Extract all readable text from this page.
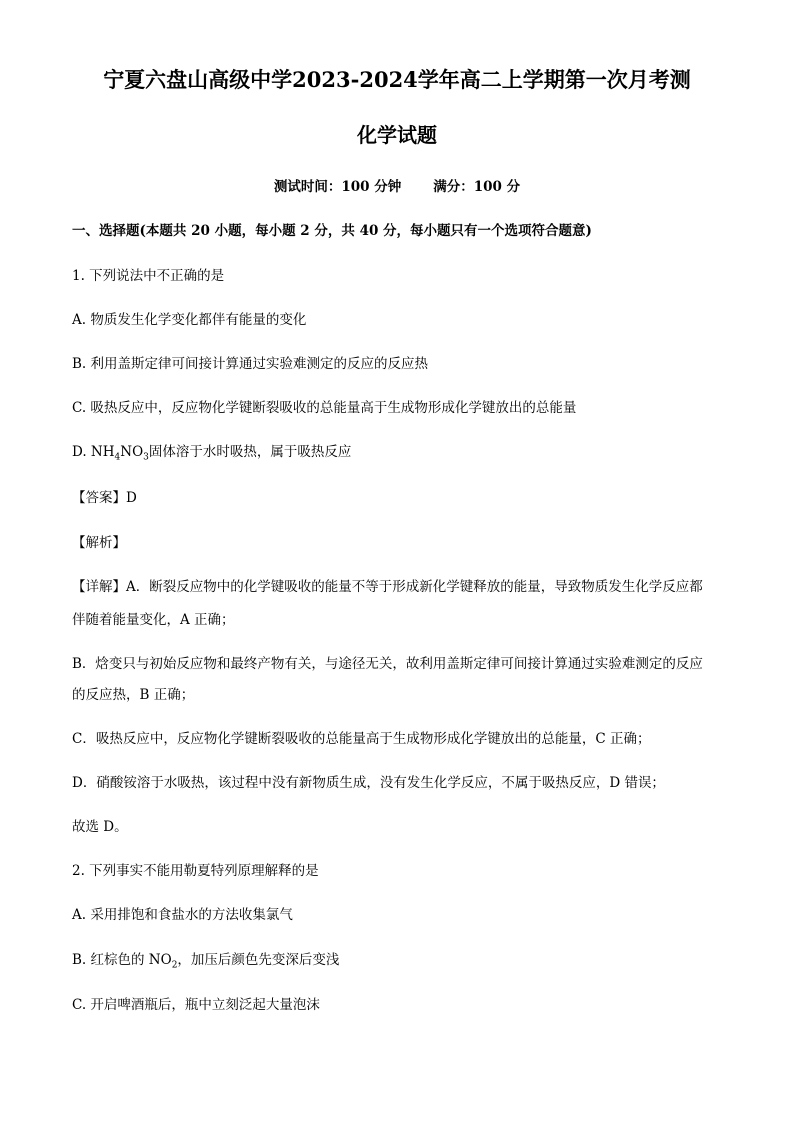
宁夏六盘山高级中学2023-2024学年高二上学期第一次月考测
化学试题
测试时间：100 分钟 满分：100 分
一、选择题(本题共 20 小题，每小题 2 分，共 40 分，每小题只有一个选项符合题意)
1. 下列说法中不正确的是
A. 物质发生化学变化都伴有能量的变化
B. 利用盖斯定律可间接计算通过实验难测定的反应的反应热
C. 吸热反应中，反应物化学键断裂吸收的总能量高于生成物形成化学键放出的总能量
D. $NH_4NO_3$固体溶于水时吸热，属于吸热反应
【答案】D
【解析】
【详解】A．断裂反应物中的化学键吸收的能量不等于形成新化学键释放的能量，导致物质发生化学反应都
伴随着能量变化，A 正确；
B．焓变只与初始反应物和最终产物有关，与途径无关，故利用盖斯定律可间接计算通过实验难测定的反应
的反应热，B 正确；
C．吸热反应中，反应物化学键断裂吸收的总能量高于生成物形成化学键放出的总能量，C 正确；
D．硝酸铵溶于水吸热，该过程中没有新物质生成，没有发生化学反应，不属于吸热反应，D 错误；
故选 D。
2. 下列事实不能用勒夏特列原理解释的是
A. 采用排饱和食盐水的方法收集氯气
B. 红棕色的 $NO_2$，加压后颜色先变深后变浅
C. 开启啤酒瓶后，瓶中立刻泛起大量泡沫
